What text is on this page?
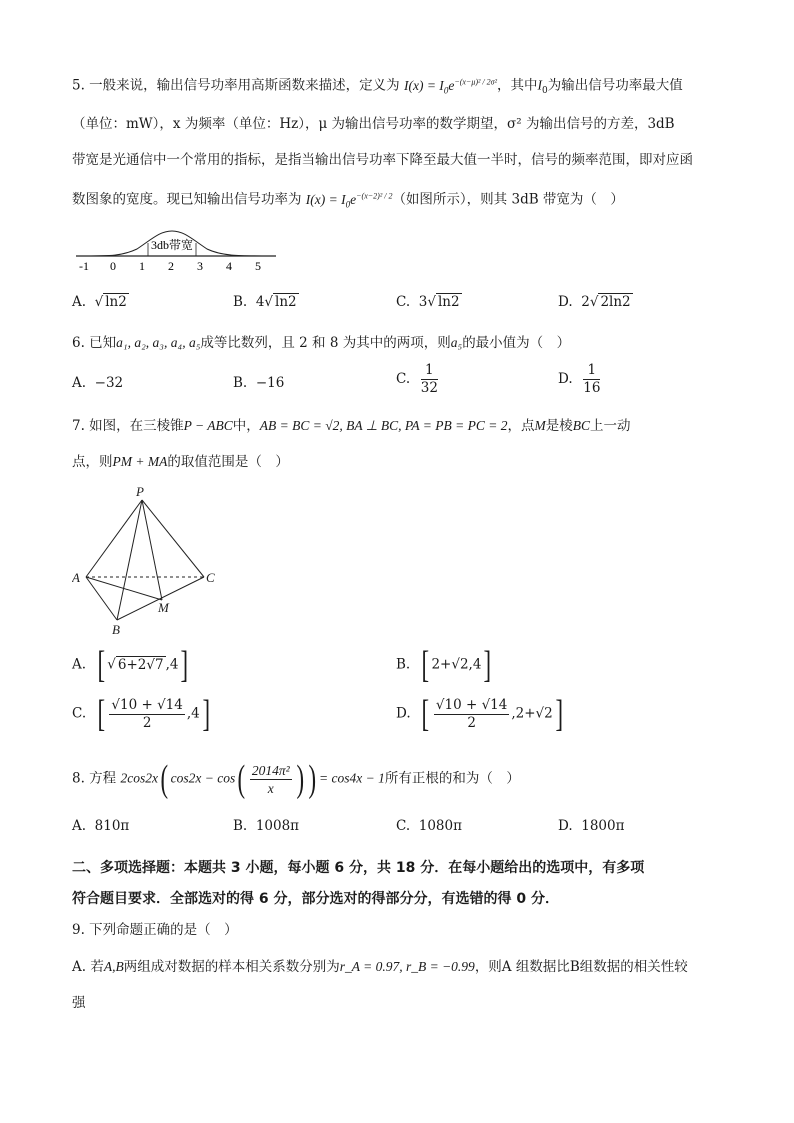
5. 一般来说，输出信号功率用高斯函数来描述，定义为 $I(x) = I_0e^{-(x-\mu)^2 / 2\sigma^2}$，其中$I_0$为输出信号功率最大值
（单位：mW），x 为频率（单位：Hz），μ 为输出信号功率的数学期望，σ² 为输出信号的方差，3dB
带宽是光通信中一个常用的指标，是指当输出信号功率下降至最大值一半时，信号的频率范围，即对应函
数图象的宽度。现已知输出信号功率为 $I(x) = I_0e^{-(x-2)^2 / 2}$（如图所示），则其 3dB 带宽为（　）
3db带宽
-1 0 1 2 3 4 5
A.  √ ln2	B. 4√ ln2	C. 3√ ln2	D. 2√ 2ln2
6. 已知a₁, a₂, a₃, a₄, a₅成等比数列，且 2 和 8 为其中的两项，则a₅的最小值为（　）
A. −32	B. −16	C. $\frac{1}{32}$	D. $\frac{1}{16}$
7. 如图，在三棱锥P − ABC中，AB = BC = √2, BA ⊥ BC, PA = PB = PC = 2，点M是棱BC上一动
点，则PM + MA的取值范围是（　）
P
A
B
C
M
A. [ √ 6+2√7 ,4]	B. [ 2+√2,4]
C. [ $\frac{√10 + √14}{2} ,4$]	D. [ $\frac{√10 + √14}{2} ,2+√2$]
8. 方程 2cos2x( $\cos 2x - \cos( \frac{\text{2014π²}}{x}$ ) ) = cos4x − 1所有正根的和为（　）
A. 810π	B. 1008π	C. 1080π	D. 1800π
二、多项选择题：本题共 3 小题，每小题 6 分，共 18 分．在每小题给出的选项中，有多项
符合题目要求．全部选对的得 6 分，部分选对的得部分分，有选错的得 0 分．
9. 下列命题正确的是（　）
A. 若A,B两组成对数据的样本相关系数分别为r_A = 0.97, r_B = −0.99，则A 组数据比B组数据的相关性较
强
